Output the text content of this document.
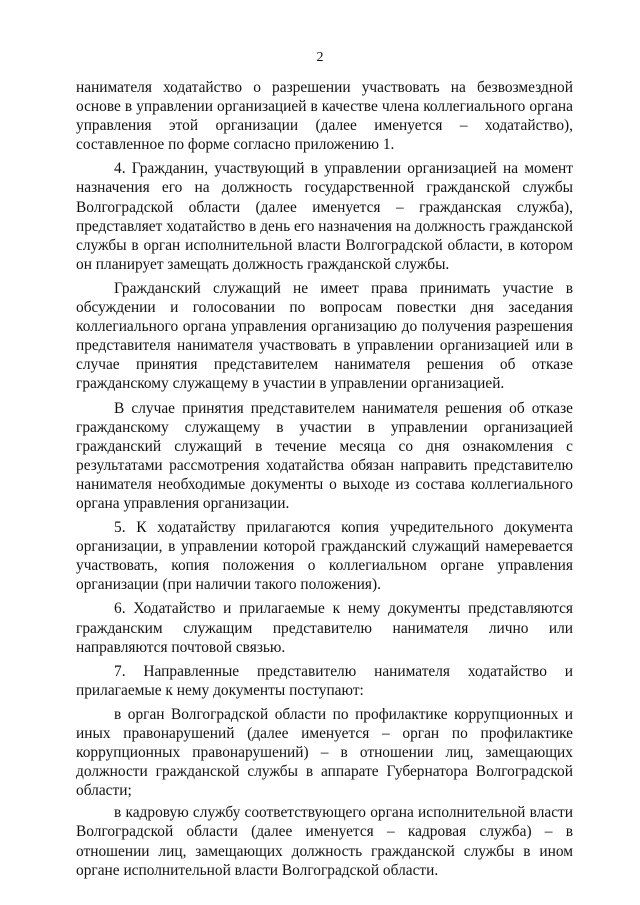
2

нанимателя ходатайство о разрешении участвовать на безвозмездной основе в управлении организацией в качестве члена коллегиального органа управления этой организации (далее именуется – ходатайство), составленное по форме согласно приложению 1.

4. Гражданин, участвующий в управлении организацией на момент назначения его на должность государственной гражданской службы Волгоградской области (далее именуется – гражданская служба), представляет ходатайство в день его назначения на должность гражданской службы в орган исполнительной власти Волгоградской области, в котором он планирует замещать должность гражданской службы.

Гражданский служащий не имеет права принимать участие в обсуждении и голосовании по вопросам повестки дня заседания коллегиального органа управления организацию до получения разрешения представителя нанимателя участвовать в управлении организацией или в случае принятия представителем нанимателя решения об отказе гражданскому служащему в участии в управлении организацией.

В случае принятия представителем нанимателя решения об отказе гражданскому служащему в участии в управлении организацией гражданский служащий в течение месяца со дня ознакомления с результатами рассмотрения ходатайства обязан направить представителю нанимателя необходимые документы о выходе из состава коллегиального органа управления организации.

5. К ходатайству прилагаются копия учредительного документа организации, в управлении которой гражданский служащий намеревается участвовать, копия положения о коллегиальном органе управления организации (при наличии такого положения).

6. Ходатайство и прилагаемые к нему документы представляются гражданским служащим представителю нанимателя лично или направляются почтовой связью.

7. Направленные представителю нанимателя ходатайство и прилагаемые к нему документы поступают:

в орган Волгоградской области по профилактике коррупционных и иных правонарушений (далее именуется – орган по профилактике коррупционных правонарушений) – в отношении лиц, замещающих должности гражданской службы в аппарате Губернатора Волгоградской области;

в кадровую службу соответствующего органа исполнительной власти Волгоградской области (далее именуется – кадровая служба) – в отношении лиц, замещающих должность гражданской службы в ином органе исполнительной власти Волгоградской области.
